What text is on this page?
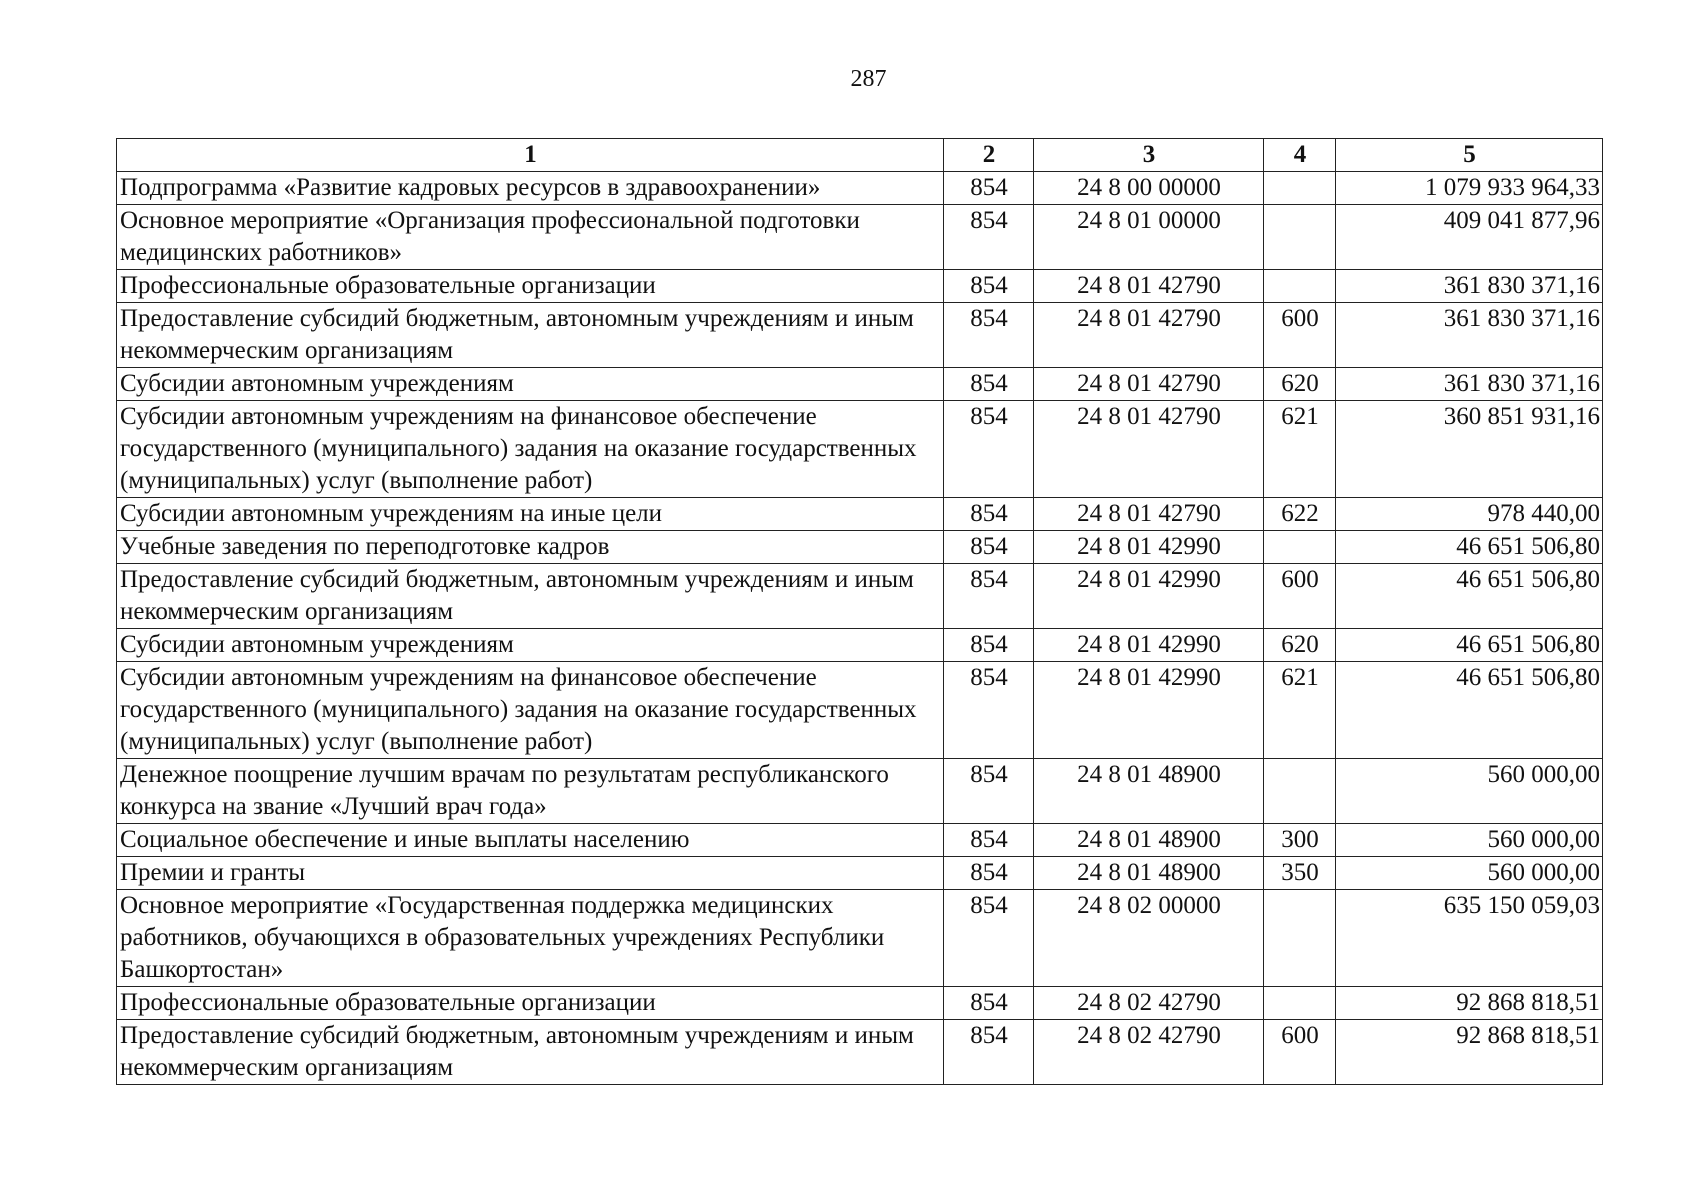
287
1	2	3	4	5
Подпрограмма «Развитие кадровых ресурсов в здравоохранении»	854	24 8 00 00000		1 079 933 964,33
Основное мероприятие «Организация профессиональной подготовки медицинских работников»	854	24 8 01 00000		409 041 877,96
Профессиональные образовательные организации	854	24 8 01 42790		361 830 371,16
Предоставление субсидий бюджетным, автономным учреждениям и иным некоммерческим организациям	854	24 8 01 42790	600	361 830 371,16
Субсидии автономным учреждениям	854	24 8 01 42790	620	361 830 371,16
Субсидии автономным учреждениям на финансовое обеспечение государственного (муниципального) задания на оказание государственных (муниципальных) услуг (выполнение работ)	854	24 8 01 42790	621	360 851 931,16
Субсидии автономным учреждениям на иные цели	854	24 8 01 42790	622	978 440,00
Учебные заведения по переподготовке кадров	854	24 8 01 42990		46 651 506,80
Предоставление субсидий бюджетным, автономным учреждениям и иным некоммерческим организациям	854	24 8 01 42990	600	46 651 506,80
Субсидии автономным учреждениям	854	24 8 01 42990	620	46 651 506,80
Субсидии автономным учреждениям на финансовое обеспечение государственного (муниципального) задания на оказание государственных (муниципальных) услуг (выполнение работ)	854	24 8 01 42990	621	46 651 506,80
Денежное поощрение лучшим врачам по результатам республиканского конкурса на звание «Лучший врач года»	854	24 8 01 48900		560 000,00
Социальное обеспечение и иные выплаты населению	854	24 8 01 48900	300	560 000,00
Премии и гранты	854	24 8 01 48900	350	560 000,00
Основное мероприятие «Государственная поддержка медицинских работников, обучающихся в образовательных учреждениях Республики Башкортостан»	854	24 8 02 00000		635 150 059,03
Профессиональные образовательные организации	854	24 8 02 42790		92 868 818,51
Предоставление субсидий бюджетным, автономным учреждениям и иным некоммерческим организациям	854	24 8 02 42790	600	92 868 818,51
